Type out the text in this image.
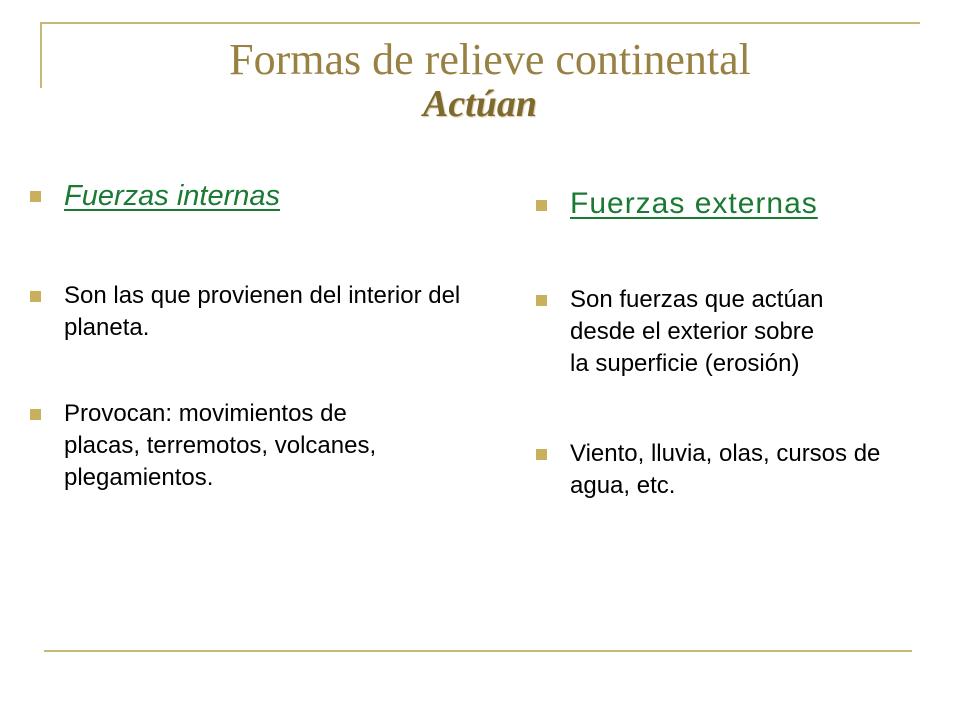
Formas de relieve continental
Actúan
Fuerzas internas
Son las que provienen del interior del planeta.
Provocan: movimientos de placas, terremotos, volcanes, plegamientos.
Fuerzas externas
Son fuerzas que actúan desde el exterior sobre la superficie (erosión)
Viento, lluvia, olas, cursos de agua, etc.
